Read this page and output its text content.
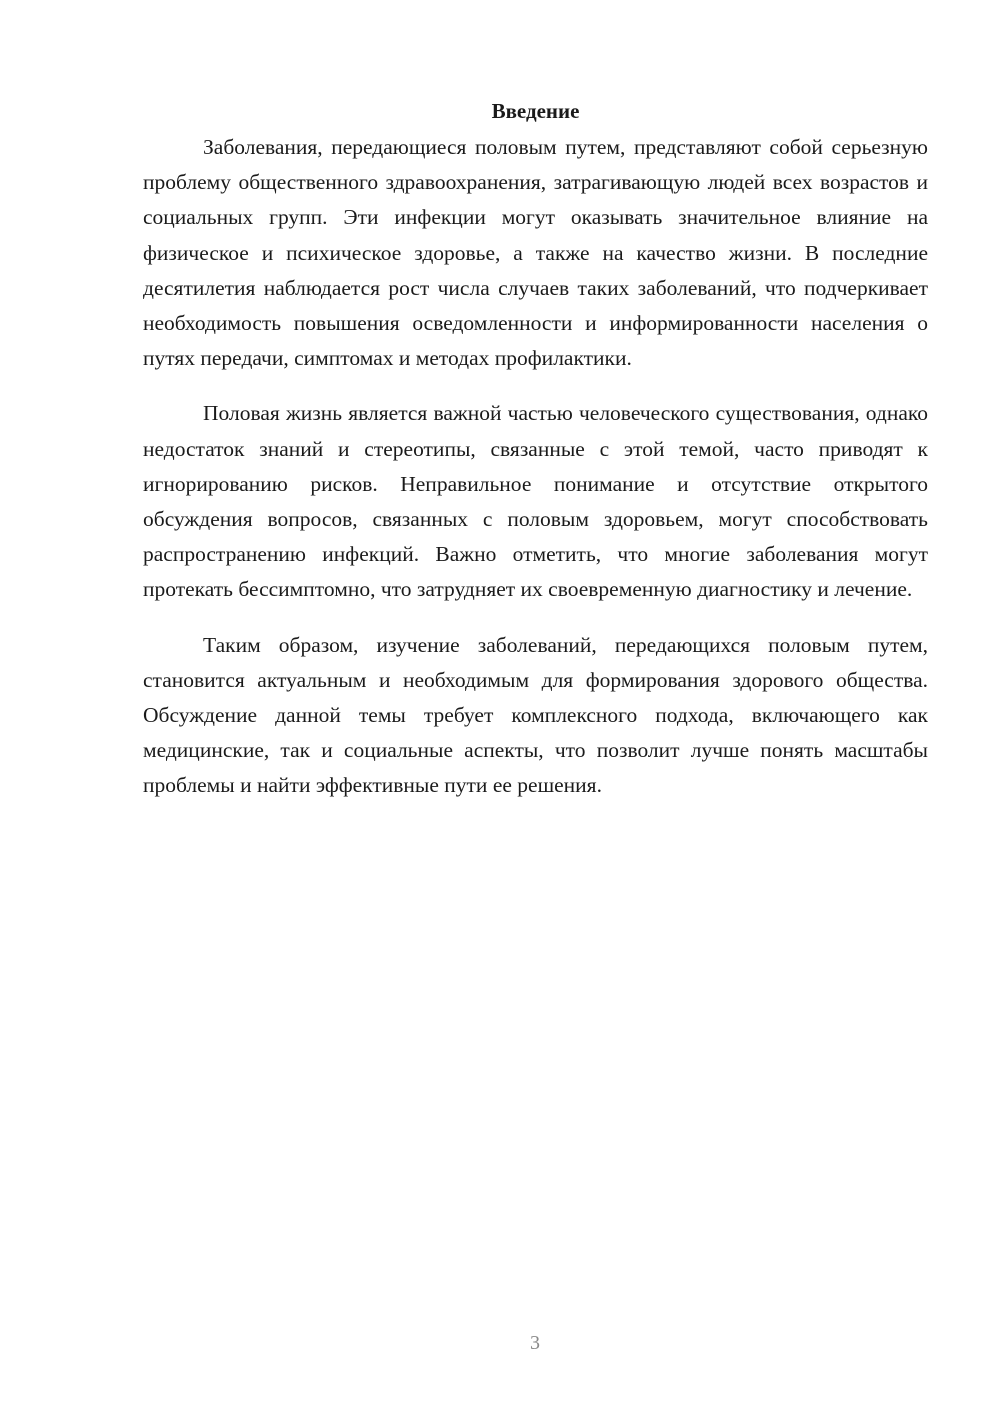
Введение

Заболевания, передающиеся половым путем, представляют собой серьезную проблему общественного здравоохранения, затрагивающую людей всех возрастов и социальных групп. Эти инфекции могут оказывать значительное влияние на физическое и психическое здоровье, а также на качество жизни. В последние десятилетия наблюдается рост числа случаев таких заболеваний, что подчеркивает необходимость повышения осведомленности и информированности населения о путях передачи, симптомах и методах профилактики.

Половая жизнь является важной частью человеческого существования, однако недостаток знаний и стереотипы, связанные с этой темой, часто приводят к игнорированию рисков. Неправильное понимание и отсутствие открытого обсуждения вопросов, связанных с половым здоровьем, могут способствовать распространению инфекций. Важно отметить, что многие заболевания могут протекать бессимптомно, что затрудняет их своевременную диагностику и лечение.

Таким образом, изучение заболеваний, передающихся половым путем, становится актуальным и необходимым для формирования здорового общества. Обсуждение данной темы требует комплексного подхода, включающего как медицинские, так и социальные аспекты, что позволит лучше понять масштабы проблемы и найти эффективные пути ее решения.

3
